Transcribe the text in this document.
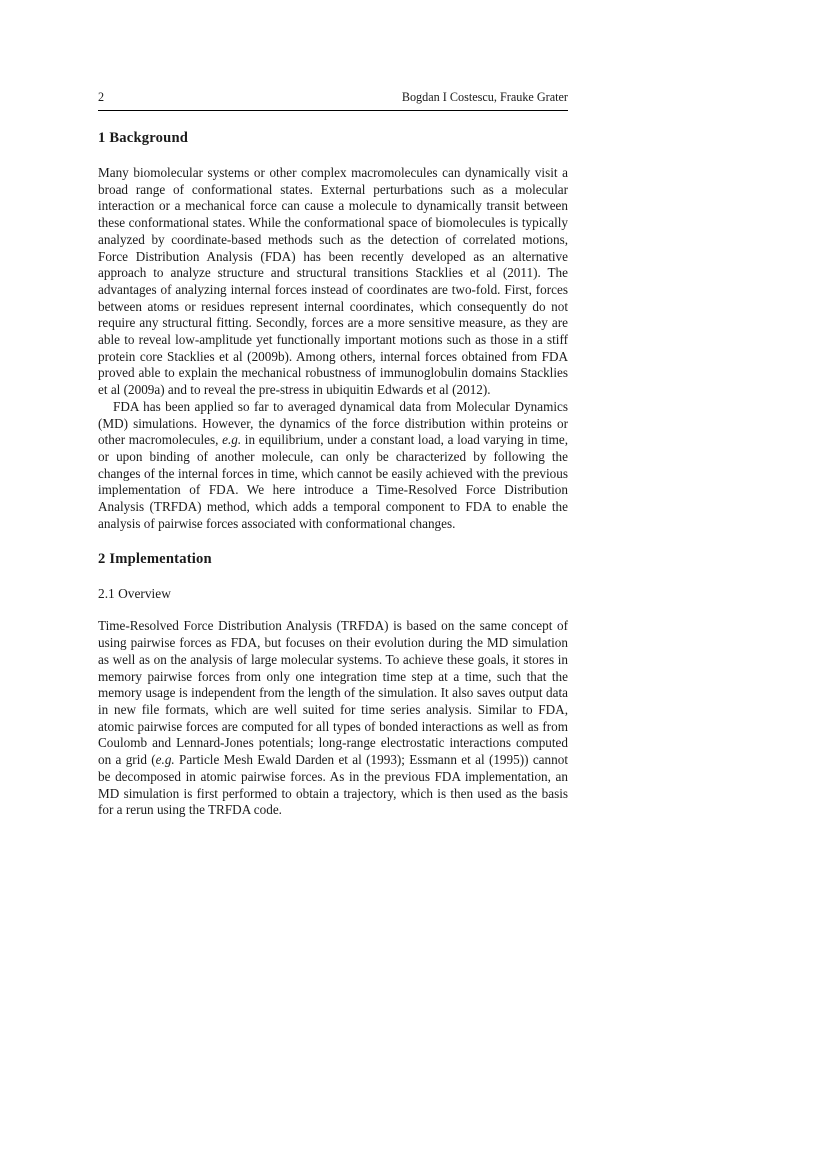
2	Bogdan I Costescu, Frauke Grater
1 Background

Many biomolecular systems or other complex macromolecules can dynamically visit a broad range of conformational states. External perturbations such as a molecular interaction or a mechanical force can cause a molecule to dynamically transit between these conformational states. While the conformational space of biomolecules is typically analyzed by coordinate-based methods such as the detection of correlated motions, Force Distribution Analysis (FDA) has been recently developed as an alternative approach to analyze structure and structural transitions Stacklies et al (2011). The advantages of analyzing internal forces instead of coordinates are two-fold. First, forces between atoms or residues represent internal coordinates, which consequently do not require any structural fitting. Secondly, forces are a more sensitive measure, as they are able to reveal low-amplitude yet functionally important motions such as those in a stiff protein core Stacklies et al (2009b). Among others, internal forces obtained from FDA proved able to explain the mechanical robustness of immunoglobulin domains Stacklies et al (2009a) and to reveal the pre-stress in ubiquitin Edwards et al (2012).

FDA has been applied so far to averaged dynamical data from Molecular Dynamics (MD) simulations. However, the dynamics of the force distribution within proteins or other macromolecules, e.g. in equilibrium, under a constant load, a load varying in time, or upon binding of another molecule, can only be characterized by following the changes of the internal forces in time, which cannot be easily achieved with the previous implementation of FDA. We here introduce a Time-Resolved Force Distribution Analysis (TRFDA) method, which adds a temporal component to FDA to enable the analysis of pairwise forces associated with conformational changes.

2 Implementation
2.1 Overview

Time-Resolved Force Distribution Analysis (TRFDA) is based on the same concept of using pairwise forces as FDA, but focuses on their evolution during the MD simulation as well as on the analysis of large molecular systems. To achieve these goals, it stores in memory pairwise forces from only one integration time step at a time, such that the memory usage is independent from the length of the simulation. It also saves output data in new file formats, which are well suited for time series analysis. Similar to FDA, atomic pairwise forces are computed for all types of bonded interactions as well as from Coulomb and Lennard-Jones potentials; long-range electrostatic interactions computed on a grid (e.g. Particle Mesh Ewald Darden et al (1993); Essmann et al (1995)) cannot be decomposed in atomic pairwise forces. As in the previous FDA implementation, an MD simulation is first performed to obtain a trajectory, which is then used as the basis for a rerun using the TRFDA code.
